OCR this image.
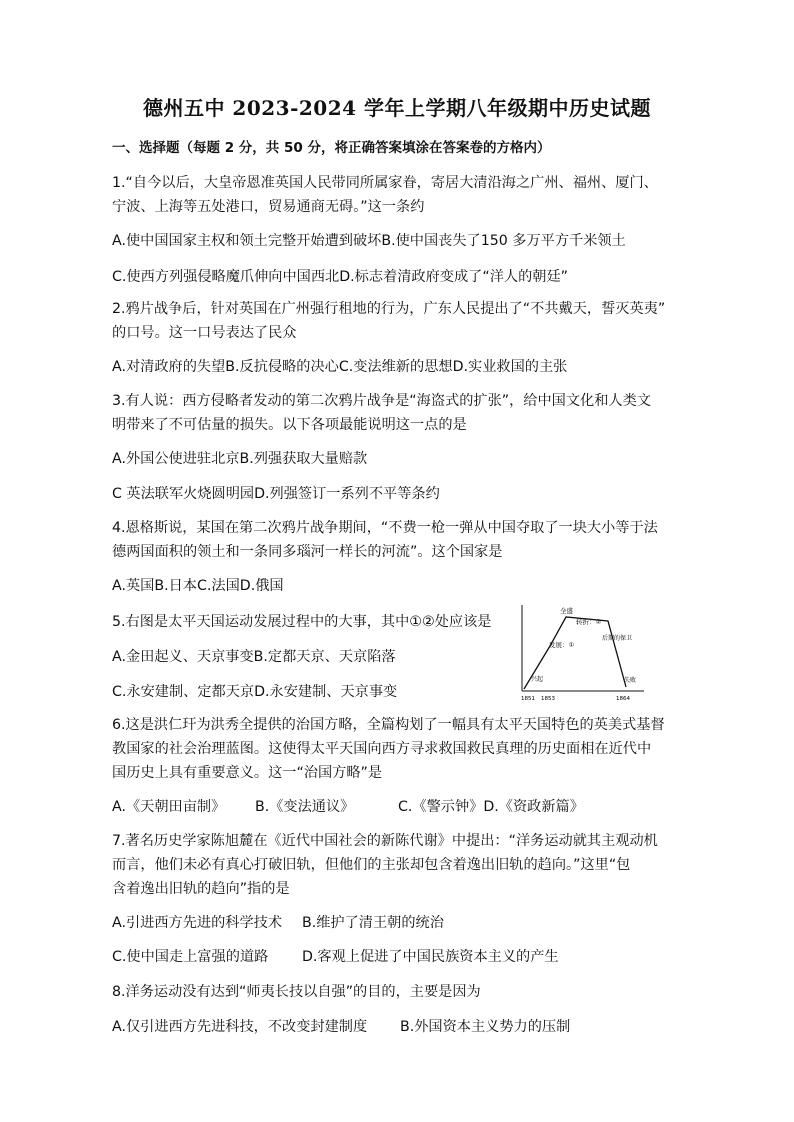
德州五中 2023-2024 学年上学期八年级期中历史试题
一、选择题（每题 2 分，共 50 分，将正确答案填涂在答案卷的方格内）
1.“自今以后，大皇帝恩准英国人民带同所属家眷，寄居大清沿海之广州、福州、厦门、
宁波、上海等五处港口，贸易通商无碍。”这一条约
A.使中国国家主权和领土完整开始遭到破坏B.使中国丧失了150 多万平方千米领土
C.使西方列强侵略魔爪伸向中国西北D.标志着清政府变成了“洋人的朝廷”
2.鸦片战争后，针对英国在广州强行租地的行为，广东人民提出了“不共戴天，誓灭英夷”
的口号。这一口号表达了民众
A.对清政府的失望B.反抗侵略的决心C.变法维新的思想D.实业救国的主张
3.有人说：西方侵略者发动的第二次鸦片战争是“海盗式的扩张”，给中国文化和人类文
明带来了不可估量的损失。以下各项最能说明这一点的是
A.外国公使进驻北京B.列强获取大量赔款
C 英法联军火烧圆明园D.列强签订一系列不平等条约
4.恩格斯说，某国在第二次鸦片战争期间，“不费一枪一弹从中国夺取了一块大小等于法
德两国面积的领土和一条同多瑙河一样长的河流”。这个国家是
A.英国B.日本C.法国D.俄国
5.右图是太平天国运动发展过程中的大事，其中①②处应该是
A.金田起义、天京事变B.定都天京、天京陷落
C.永安建制、定都天京D.永安建制、天京事变
全盛
转折：②
发展：①
后期的保卫
兴起	失败
1851 1853	1864
6.这是洪仁玕为洪秀全提供的治国方略，全篇构划了一幅具有太平天国特色的英美式基督
教国家的社会治理蓝图。这使得太平天国向西方寻求救国救民真理的历史面相在近代中
国历史上具有重要意义。这一“治国方略”是
A.《天朝田亩制》 B.《变法通议》	C.《警示钟》D.《资政新篇》
7.著名历史学家陈旭麓在《近代中国社会的新陈代谢》中提出：“洋务运动就其主观动机
而言，他们未必有真心打破旧轨，但他们的主张却包含着逸出旧轨的趋向。”这里“包
含着逸出旧轨的趋向”指的是
A.引进西方先进的科学技术 B.维护了清王朝的统治
C.使中国走上富强的道路 D.客观上促进了中国民族资本主义的产生
8.洋务运动没有达到“师夷长技以自强”的目的，主要是因为
A.仅引进西方先进科技，不改变封建制度 B.外国资本主义势力的压制
